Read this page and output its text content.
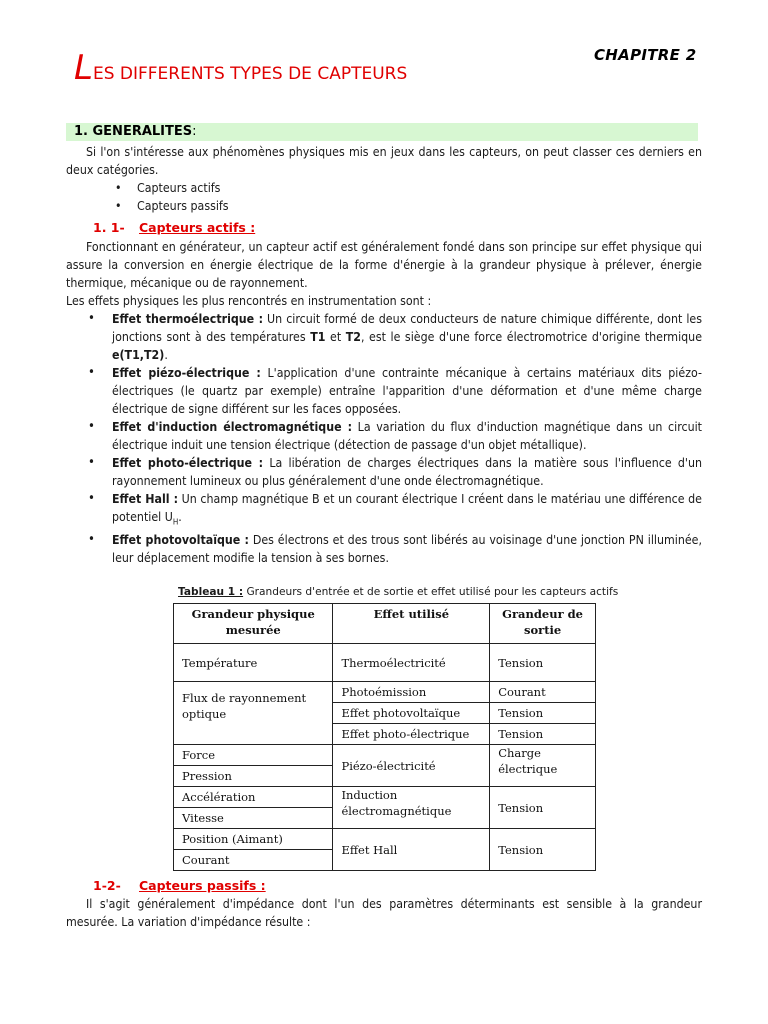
CHAPITRE 2
LES DIFFERENTS TYPES DE CAPTEURS
1. GENERALITES:

Si l'on s'intéresse aux phénomènes physiques mis en jeux dans les capteurs, on peut classer ces derniers en deux catégories.

• Capteurs actifs
• Capteurs passifs
1. 1- Capteurs actifs :

Fonctionnant en générateur, un capteur actif est généralement fondé dans son principe sur effet physique qui assure la conversion en énergie électrique de la forme d'énergie à la grandeur physique à prélever, énergie thermique, mécanique ou de rayonnement.

Les effets physiques les plus rencontrés en instrumentation sont :

• Effet thermoélectrique : Un circuit formé de deux conducteurs de nature chimique différente, dont les jonctions sont à des températures T1 et T2, est le siège d'une force électromotrice d'origine thermique e(T1,T2).
• Effet piézo-électrique : L'application d'une contrainte mécanique à certains matériaux dits piézo-électriques (le quartz par exemple) entraîne l'apparition d'une déformation et d'une même charge électrique de signe différent sur les faces opposées.
• Effet d'induction électromagnétique : La variation du flux d'induction magnétique dans un circuit électrique induit une tension électrique (détection de passage d'un objet métallique).
• Effet photo-électrique : La libération de charges électriques dans la matière sous l'influence d'un rayonnement lumineux ou plus généralement d'une onde électromagnétique.
• Effet Hall : Un champ magnétique B et un courant électrique I créent dans le matériau une différence de potentiel $U_H$.
• Effet photovoltaïque : Des électrons et des trous sont libérés au voisinage d'une jonction PN illuminée, leur déplacement modifie la tension à ses bornes.
Tableau 1 : Grandeurs d'entrée et de sortie et effet utilisé pour les capteurs actifs
Grandeur physique mesurée	Effet utilisé	Grandeur de sortie
Température	Thermoélectricité	Tension
Flux de rayonnement optique	Photoémission	Courant
	Effet photovoltaïque	Tension
	Effet photo-électrique	Tension
Force	Piézo-électricité	Charge électrique
Pression		
Accélération	Induction électromagnétique	Tension
Vitesse		
Position (Aimant)	Effet Hall	Tension
Courant		
1-2- Capteurs passifs :

Il s'agit généralement d'impédance dont l'un des paramètres déterminants est sensible à la grandeur mesurée. La variation d'impédance résulte :
